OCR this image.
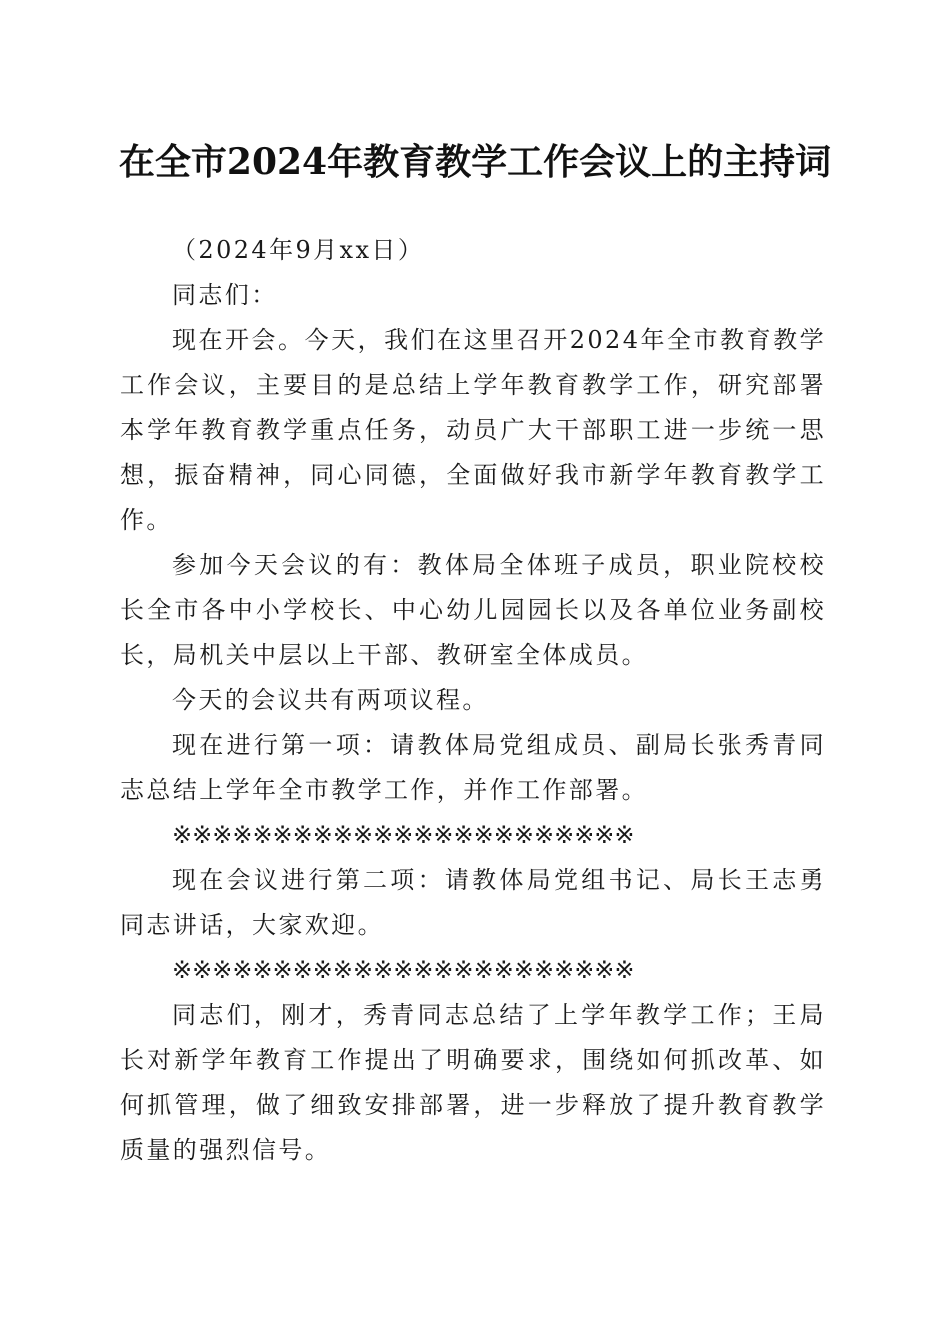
在全市2024年教育教学工作会议上的主持词

（2024年9月xx日）

同志们：

现在开会。今天，我们在这里召开2024年全市教育教学工作会议，主要目的是总结上学年教育教学工作，研究部署本学年教育教学重点任务，动员广大干部职工进一步统一思想，振奋精神，同心同德，全面做好我市新学年教育教学工作。

参加今天会议的有：教体局全体班子成员，职业院校校长全市各中小学校长、中心幼儿园园长以及各单位业务副校长，局机关中层以上干部、教研室全体成员。

今天的会议共有两项议程。

现在进行第一项：请教体局党组成员、副局长张秀青同志总结上学年全市教学工作，并作工作部署。

※※※※※※※※※※※※※※※※※※※※※※※

现在会议进行第二项：请教体局党组书记、局长王志勇同志讲话，大家欢迎。

※※※※※※※※※※※※※※※※※※※※※※※

同志们，刚才，秀青同志总结了上学年教学工作；王局长对新学年教育工作提出了明确要求，围绕如何抓改革、如何抓管理，做了细致安排部署，进一步释放了提升教育教学质量的强烈信号。
